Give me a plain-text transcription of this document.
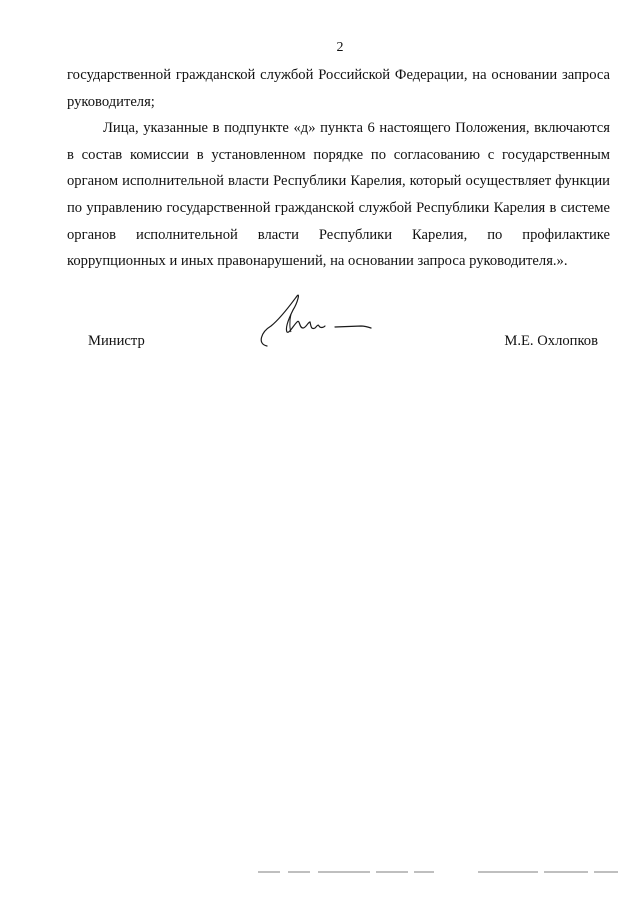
2

государственной гражданской службой Российской Федерации, на основании запроса руководителя;

Лица, указанные в подпункте «д» пункта 6 настоящего Положения, включаются в состав комиссии в установленном порядке по согласованию с государственным органом исполнительной власти Республики Карелия, который осуществляет функции по управлению государственной гражданской службой Республики Карелия в системе органов исполнительной власти Республики Карелия, по профилактике коррупционных и иных правонарушений, на основании запроса руководителя.».

Министр	М.Е. Охлопков
